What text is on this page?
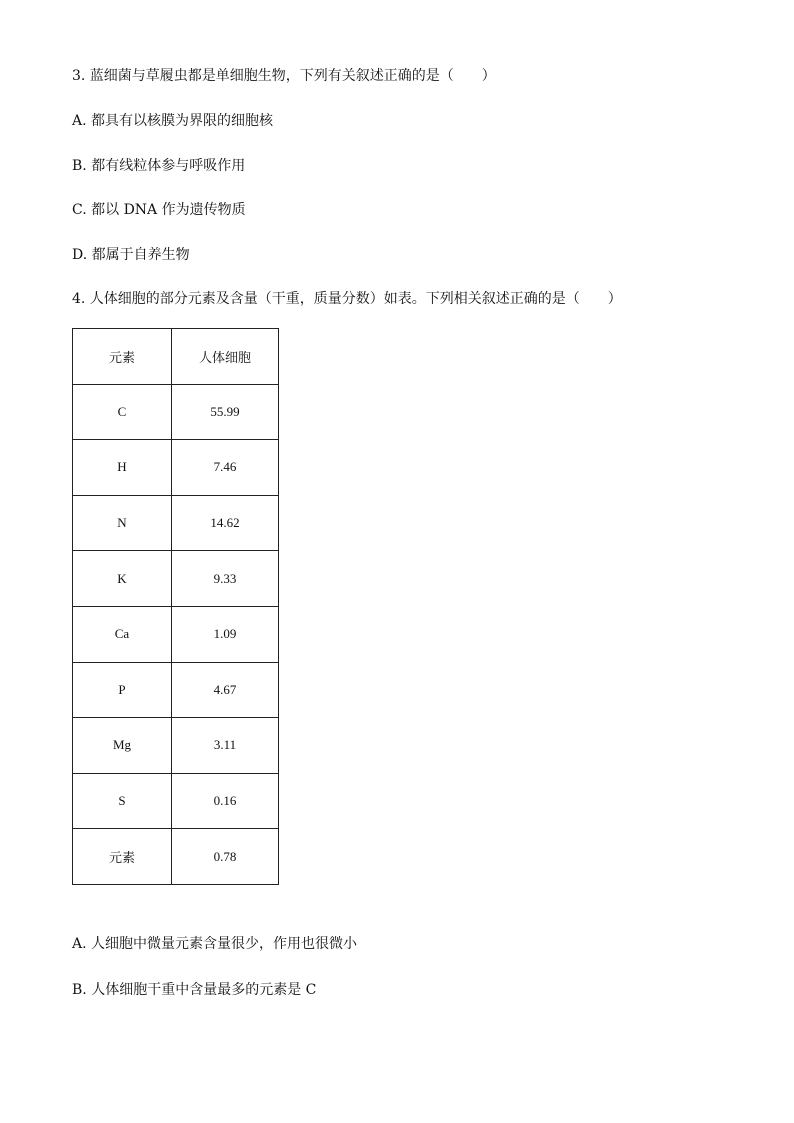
3. 蓝细菌与草履虫都是单细胞生物，下列有关叙述正确的是（　　）
A. 都具有以核膜为界限的细胞核
B. 都有线粒体参与呼吸作用
C. 都以 DNA 作为遗传物质
D. 都属于自养生物
4. 人体细胞的部分元素及含量（干重，质量分数）如表。下列相关叙述正确的是（　　）
元素	人体细胞
C	55.99
H	7.46
N	14.62
K	9.33
Ca	1.09
P	4.67
Mg	3.11
S	0.16
元素	0.78
A. 人细胞中微量元素含量很少，作用也很微小
B. 人体细胞干重中含量最多的元素是 C
